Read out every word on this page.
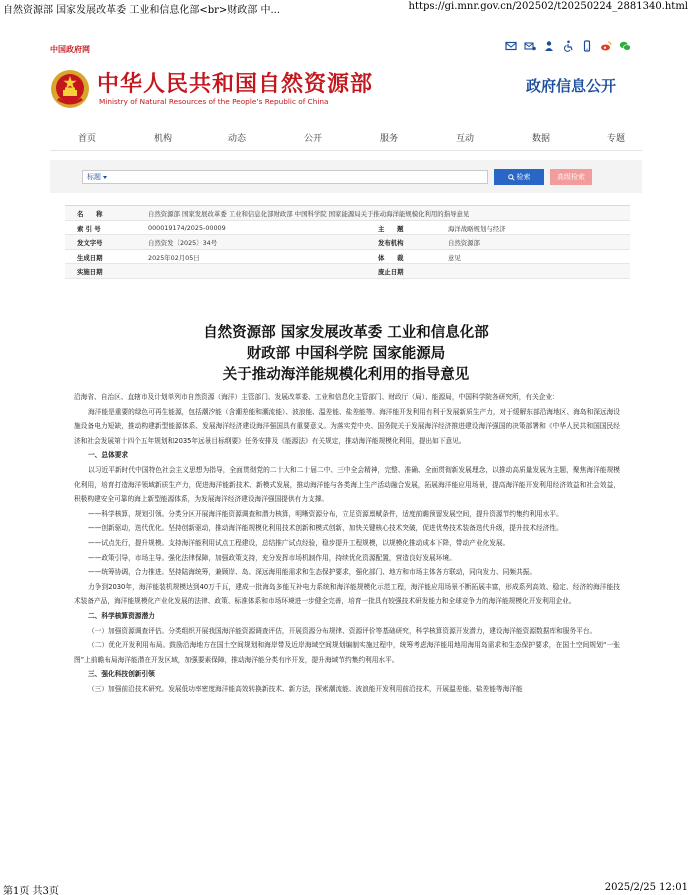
自然资源部 国家发展改革委 工业和信息化部<br>财政部 中...	https://gi.mnr.gov.cn/202502/t20250224_2881340.html
中国政府网
中华人民共和国自然资源部
Ministry of Natural Resources of the People’s Republic of China
政府信息公开
首页	机构	动态	公开	服务	互动	数据	专题
标题	检索	高级检索
名　　称	自然资源部 国家发展改革委 工业和信息化部财政部 中国科学院 国家能源局关于推动海洋能规模化利用的指导意见
索 引 号	000019174/2025-00009	主　　题	海洋战略规划与经济
发文字号	自然资发〔2025〕34号	发布机构	自然资源部
生成日期	2025年02月05日	体　　裁	意见
实施日期	废止日期
自然资源部 国家发展改革委 工业和信息化部
财政部 中国科学院 国家能源局
关于推动海洋能规模化利用的指导意见

沿海省、自治区、直辖市及计划单列市自然资源（海洋）主管部门、发展改革委、工业和信息化主管部门、财政厅（局）、能源局，中国科学院各研究所，有关企业：

海洋能是重要的绿色可再生能源，包括潮汐能（含潮差能和潮流能）、波浪能、温差能、盐差能等。海洋能开发利用有利于发展新质生产力，对于缓解东部沿海地区、海岛和深远海设施设备电力短缺，推动构建新型能源体系、发展海洋经济建设海洋强国具有重要意义。为落实党中央、国务院关于发展海洋经济推进建设海洋强国的决策部署和《中华人民共和国国民经济和社会发展第十四个五年规划和2035年远景目标纲要》任务安排及《能源法》有关规定，推动海洋能规模化利用，提出如下意见。

一、总体要求

以习近平新时代中国特色社会主义思想为指导，全面贯彻党的二十大和二十届二中、三中全会精神，完整、准确、全面贯彻新发展理念，以推动高质量发展为主题，聚焦海洋能规模化利用，培育打造海洋领域新质生产力，促进海洋能新技术、新模式发展，推动海洋能与各类海上生产活动融合发展，拓展海洋能应用场景，提高海洋能开发利用经济效益和社会效益，积极构建安全可靠的海上新型能源体系，为发展海洋经济建设海洋强国提供有力支撑。

——科学核算，规划引领。分类分区开展海洋能资源调查和潜力核算，明晰资源分布，立足资源禀赋条件，适度前瞻预留发展空间，提升资源节约集约利用水平。

——创新驱动，迭代优化。坚持创新驱动，推动海洋能规模化利用技术创新和模式创新，加快关键核心技术突破，促进优势技术装备迭代升级，提升技术经济性。

——试点先行，提升规模。支持海洋能利用试点工程建设，总结推广试点经验，稳步提升工程规模，以规模化推动成本下降，带动产业化发展。

——政策引导，市场主导。强化法律保障，加强政策支持，充分发挥市场机制作用，持续优化资源配置，营造良好发展环境。

——统筹协调，合力推进。坚持陆海统筹，兼顾岸、岛、深远海用能需求和生态保护要求，强化部门、地方和市场主体各方联动，同向发力、同频共振。

力争到2030年，海洋能装机规模达到40万千瓦，建成一批海岛多能互补电力系统和海洋能规模化示范工程，海洋能应用场景不断拓展丰富，形成系列高效、稳定、经济的海洋能技术装备产品，海洋能规模化产业化发展的法律、政策、标准体系和市场环境进一步健全完善，培育一批具有较强技术研发能力和全球竞争力的海洋能规模化开发利用企业。

二、科学核算资源潜力

（一）加强资源调查评估。分类组织开展我国海洋能资源调查评估，开展资源分布规律、资源评价等基础研究，科学核算资源开发潜力，建设海洋能资源数据库和服务平台。

（二）优化开发利用布局。鼓励沿海地方在国土空间规划和海岸带及近岸海域空间规划编制实施过程中，统筹考虑海洋能用地用海用岛需求和生态保护要求，在国土空间规划“一张图”上前瞻布局海洋能潜在开发区域，加强要素保障，推动海洋能分类有序开发，提升海域节约集约利用水平。

三、强化科技创新引领

（三）加强前沿技术研究。发展低功率密度海洋能高效转换新技术、新方法，探索潮流能、波浪能开发利用前沿技术，开展温差能、盐差能等海洋能

第1页 共3页	2025/2/25 12:01
